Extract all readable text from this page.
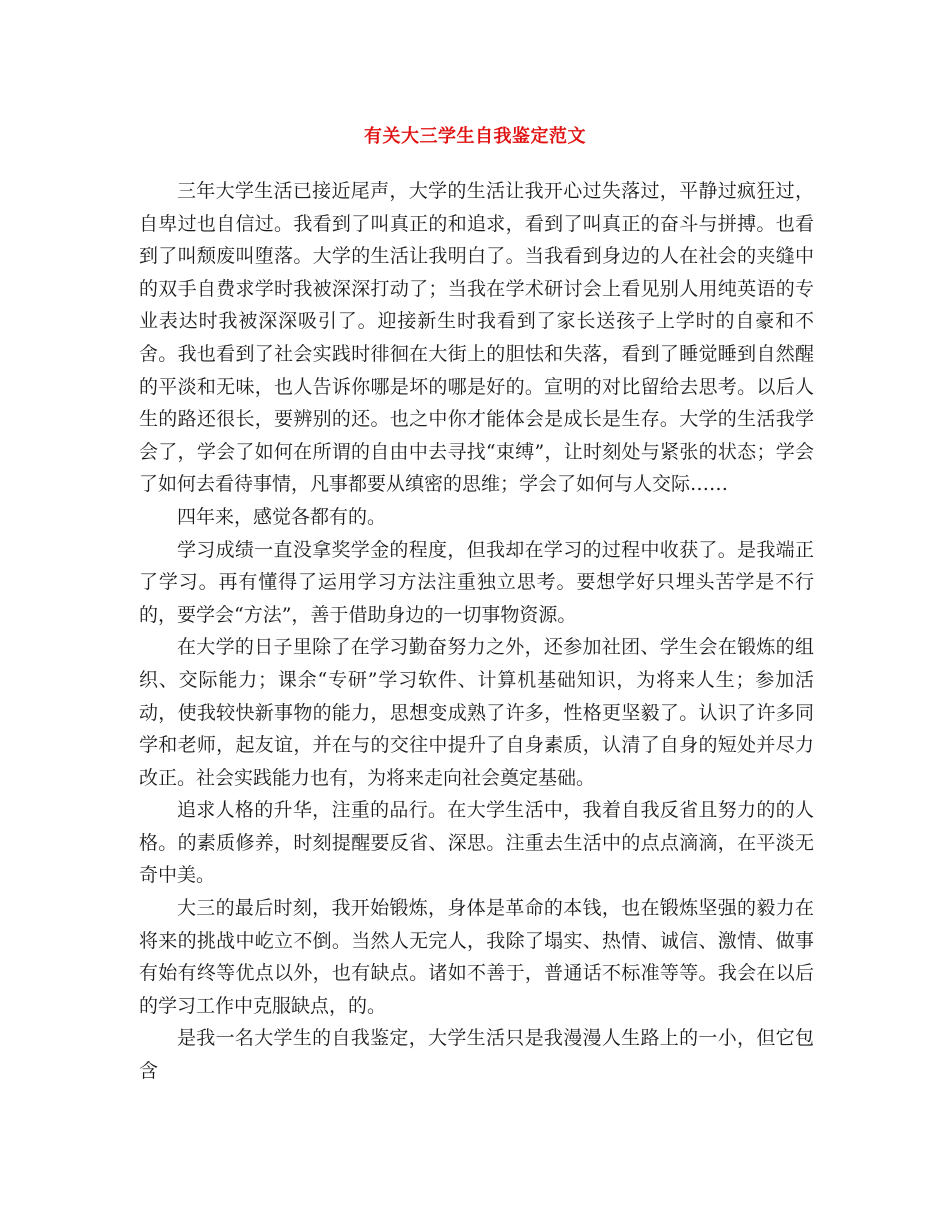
有关大三学生自我鉴定范文

三年大学生活已接近尾声，大学的生活让我开心过失落过，平静过疯狂过，自卑过也自信过。我看到了叫真正的和追求，看到了叫真正的奋斗与拼搏。也看到了叫颓废叫堕落。大学的生活让我明白了。当我看到身边的人在社会的夹缝中的双手自费求学时我被深深打动了；当我在学术研讨会上看见别人用纯英语的专业表达时我被深深吸引了。迎接新生时我看到了家长送孩子上学时的自豪和不舍。我也看到了社会实践时徘徊在大街上的胆怯和失落，看到了睡觉睡到自然醒的平淡和无味，也人告诉你哪是坏的哪是好的。宣明的对比留给去思考。以后人生的路还很长，要辨别的还。也之中你才能体会是成长是生存。大学的生活我学会了，学会了如何在所谓的自由中去寻找“束缚”，让时刻处与紧张的状态；学会了如何去看待事情，凡事都要从缜密的思维；学会了如何与人交际……

四年来，感觉各都有的。

学习成绩一直没拿奖学金的程度，但我却在学习的过程中收获了。是我端正了学习。再有懂得了运用学习方法注重独立思考。要想学好只埋头苦学是不行的，要学会“方法”，善于借助身边的一切事物资源。

在大学的日子里除了在学习勤奋努力之外，还参加社团、学生会在锻炼的组织、交际能力；课余“专研”学习软件、计算机基础知识，为将来人生；参加活动，使我较快新事物的能力，思想变成熟了许多，性格更坚毅了。认识了许多同学和老师，起友谊，并在与的交往中提升了自身素质，认清了自身的短处并尽力改正。社会实践能力也有，为将来走向社会奠定基础。

追求人格的升华，注重的品行。在大学生活中，我着自我反省且努力的的人格。的素质修养，时刻提醒要反省、深思。注重去生活中的点点滴滴，在平淡无奇中美。

大三的最后时刻，我开始锻炼，身体是革命的本钱，也在锻炼坚强的毅力在将来的挑战中屹立不倒。当然人无完人，我除了塌实、热情、诚信、激情、做事有始有终等优点以外，也有缺点。诸如不善于，普通话不标准等等。我会在以后的学习工作中克服缺点，的。

是我一名大学生的自我鉴定，大学生活只是我漫漫人生路上的一小，但它包含
